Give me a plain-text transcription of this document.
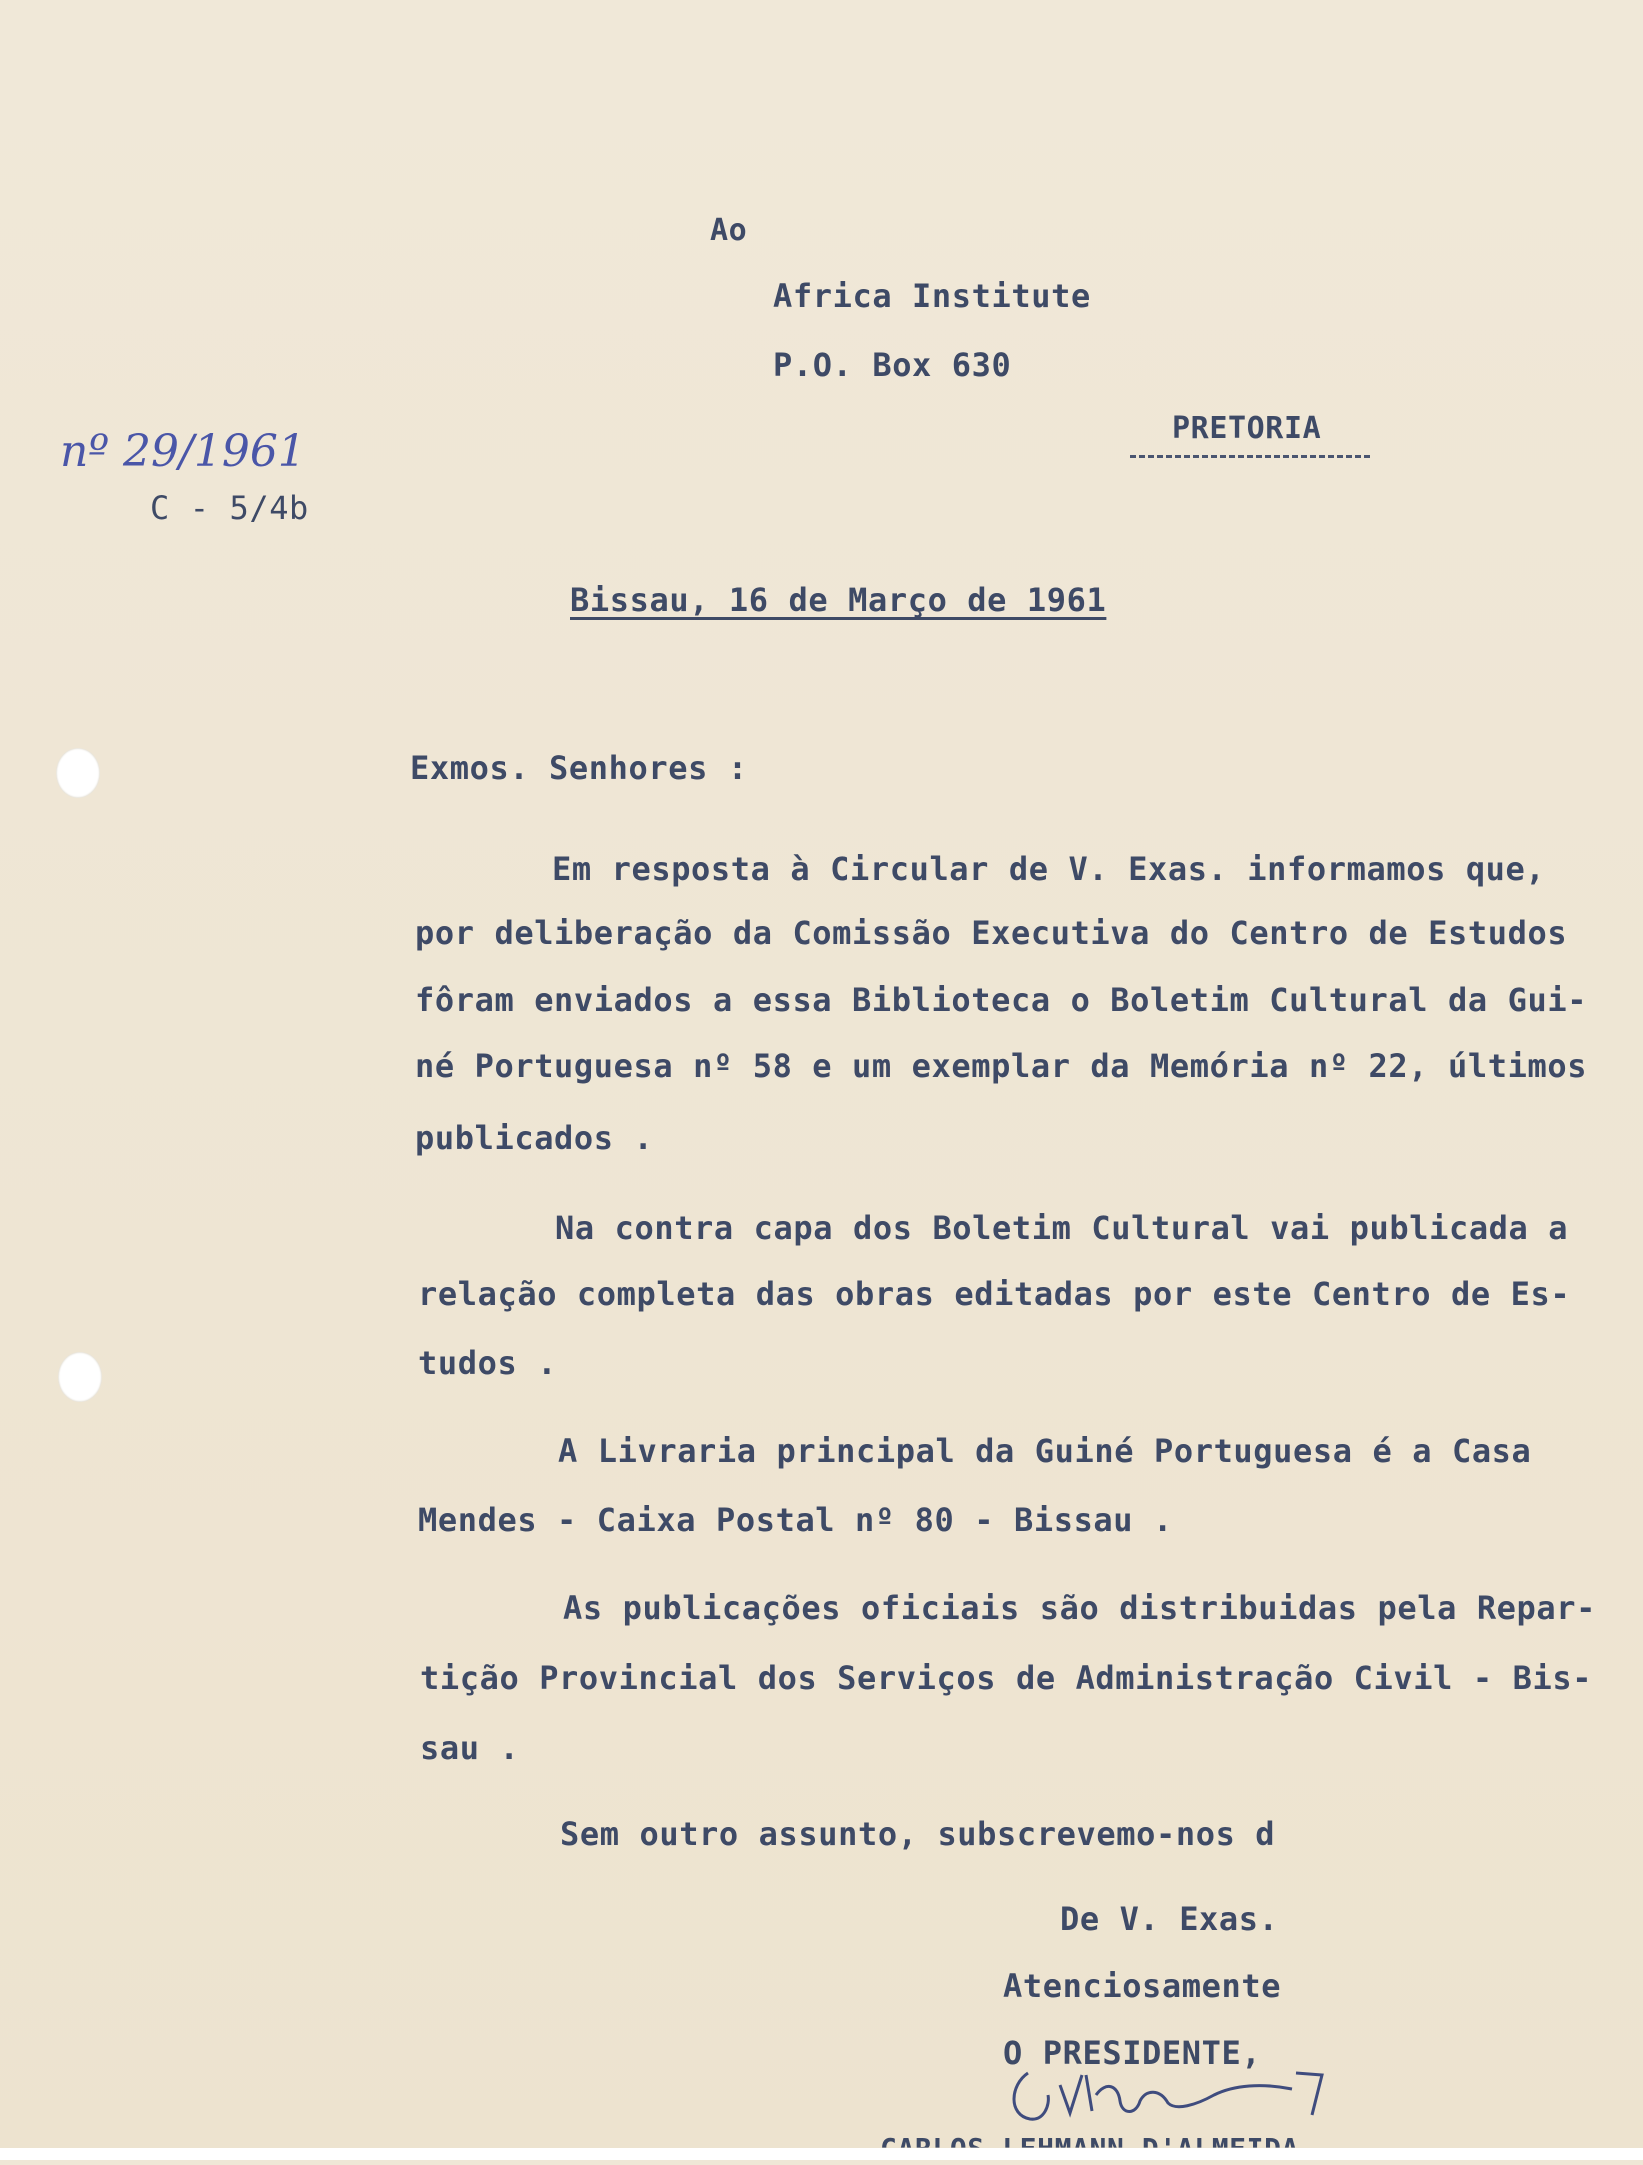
Ao
Africa Institute
P.O. Box 630
PRETORIA
nº 29/1961
C - 5/4b
Bissau, 16 de Março de 1961
Exmos. Senhores :
Em resposta à Circular de V. Exas. informamos que,
por deliberação da Comissão Executiva do Centro de Estudos
fôram enviados a essa Biblioteca o Boletim Cultural da Gui-
né Portuguesa nº 58 e um exemplar da Memória nº 22, últimos
publicados .
Na contra capa dos Boletim Cultural vai publicada a
relação completa das obras editadas por este Centro de Es-
tudos .
A Livraria principal da Guiné Portuguesa é a Casa
Mendes - Caixa Postal nº 80 - Bissau .
As publicações oficiais são distribuidas pela Repar-
tição Provincial dos Serviços de Administração Civil - Bis-
sau .
Sem outro assunto, subscrevemo-nos d
De V. Exas.
Atenciosamente
O PRESIDENTE,
